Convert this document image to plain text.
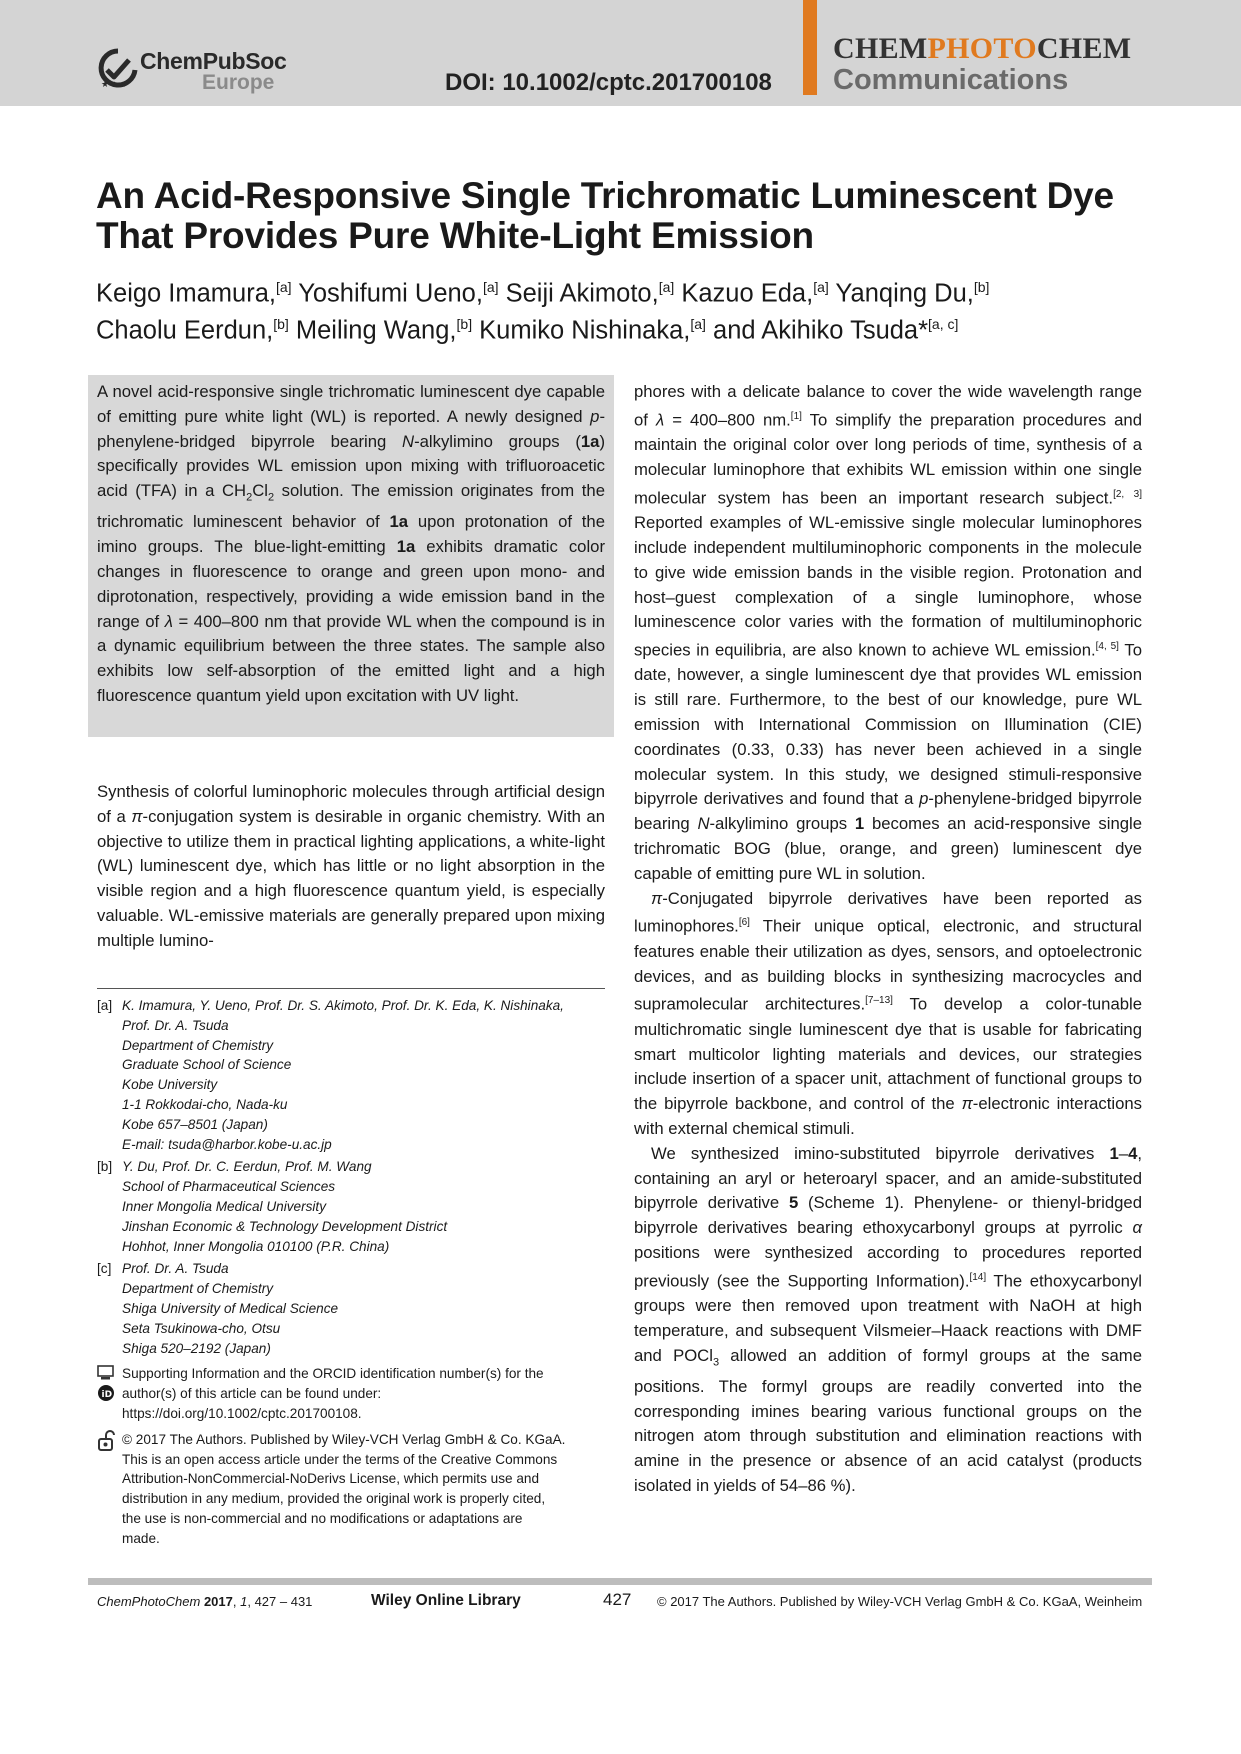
★ ★ ★
ChemPubSoc
Europe	DOI: 10.1002/cptc.201700108
CHEMPHOTOCHEM
Communications
An Acid-Responsive Single Trichromatic Luminescent Dye
That Provides Pure White-Light Emission
Keigo Imamura,[a] Yoshifumi Ueno,[a] Seiji Akimoto,[a] Kazuo Eda,[a] Yanqing Du,[b]
Chaolu Eerdun,[b] Meiling Wang,[b] Kumiko Nishinaka,[a] and Akihiko Tsuda*[a, c]

A novel acid-responsive single trichromatic luminescent dye capable of emitting pure white light (WL) is reported. A newly designed p-phenylene-bridged bipyrrole bearing N-alkylimino groups (1a) specifically provides WL emission upon mixing with trifluoroacetic acid (TFA) in a $CH_2Cl_2$ solution. The emission originates from the trichromatic luminescent behavior of 1a upon protonation of the imino groups. The blue-light-emitting 1a exhibits dramatic color changes in fluorescence to orange and green upon mono- and diprotonation, respectively, providing a wide emission band in the range of λ = 400–800 nm that provide WL when the compound is in a dynamic equilibrium between the three states. The sample also exhibits low self-absorption of the emitted light and a high fluorescence quantum yield upon excitation with UV light.

Synthesis of colorful luminophoric molecules through artificial design of a π-conjugation system is desirable in organic chemistry. With an objective to utilize them in practical lighting applications, a white-light (WL) luminescent dye, which has little or no light absorption in the visible region and a high fluorescence quantum yield, is especially valuable. WL-emissive materials are generally prepared upon mixing multiple lumino-

phores with a delicate balance to cover the wide wavelength range of λ = 400–800 nm.[1] To simplify the preparation procedures and maintain the original color over long periods of time, synthesis of a molecular luminophore that exhibits WL emission within one single molecular system has been an important research subject.[2, 3] Reported examples of WL-emissive single molecular luminophores include independent multiluminophoric components in the molecule to give wide emission bands in the visible region. Protonation and host–guest complexation of a single luminophore, whose luminescence color varies with the formation of multiluminophoric species in equilibria, are also known to achieve WL emission.[4, 5] To date, however, a single luminescent dye that provides WL emission is still rare. Furthermore, to the best of our knowledge, pure WL emission with International Commission on Illumination (CIE) coordinates (0.33, 0.33) has never been achieved in a single molecular system. In this study, we designed stimuli-responsive bipyrrole derivatives and found that a p-phenylene-bridged bipyrrole bearing N-alkylimino groups 1 becomes an acid-responsive single trichromatic BOG (blue, orange, and green) luminescent dye capable of emitting pure WL in solution.

π-Conjugated bipyrrole derivatives have been reported as luminophores.[6] Their unique optical, electronic, and structural features enable their utilization as dyes, sensors, and optoelectronic devices, and as building blocks in synthesizing macrocycles and supramolecular architectures.[7–13] To develop a color-tunable multichromatic single luminescent dye that is usable for fabricating smart multicolor lighting materials and devices, our strategies include insertion of a spacer unit, attachment of functional groups to the bipyrrole backbone, and control of the π-electronic interactions with external chemical stimuli.

We synthesized imino-substituted bipyrrole derivatives 1–4, containing an aryl or heteroaryl spacer, and an amide-substituted bipyrrole derivative 5 (Scheme 1). Phenylene- or thienyl-bridged bipyrrole derivatives bearing ethoxycarbonyl groups at pyrrolic α positions were synthesized according to procedures reported previously (see the Supporting Information).[14] The ethoxycarbonyl groups were then removed upon treatment with NaOH at high temperature, and subsequent Vilsmeier–Haack reactions with DMF and POCl$_3$ allowed an addition of formyl groups at the same positions. The formyl groups are readily converted into the corresponding imines bearing various functional groups on the nitrogen atom through substitution and elimination reactions with amine in the presence or absence of an acid catalyst (products isolated in yields of 54–86 %).

[a] K. Imamura, Y. Ueno, Prof. Dr. S. Akimoto, Prof. Dr. K. Eda, K. Nishinaka,
Prof. Dr. A. Tsuda
Department of Chemistry
Graduate School of Science
Kobe University
1-1 Rokkodai-cho, Nada-ku
Kobe 657–8501 (Japan)
E-mail: tsuda@harbor.kobe-u.ac.jp
[b] Y. Du, Prof. Dr. C. Eerdun, Prof. M. Wang
School of Pharmaceutical Sciences
Inner Mongolia Medical University
Jinshan Economic & Technology Development District
Hohhot, Inner Mongolia 010100 (P.R. China)
[c] Prof. Dr. A. Tsuda
Department of Chemistry
Shiga University of Medical Science
Seta Tsukinowa-cho, Otsu
Shiga 520–2192 (Japan)
iD
Supporting Information and the ORCID identification number(s) for the
author(s) of this article can be found under:
https://doi.org/10.1002/cptc.201700108.
© 2017 The Authors. Published by Wiley-VCH Verlag GmbH & Co. KGaA.
This is an open access article under the terms of the Creative Commons
Attribution-NonCommercial-NoDerivs License, which permits use and
distribution in any medium, provided the original work is properly cited,
the use is non-commercial and no modifications or adaptations are
made.
ChemPhotoChem 2017, 1, 427 – 431	Wiley Online Library	427 © 2017 The Authors. Published by Wiley-VCH Verlag GmbH & Co. KGaA, Weinheim
